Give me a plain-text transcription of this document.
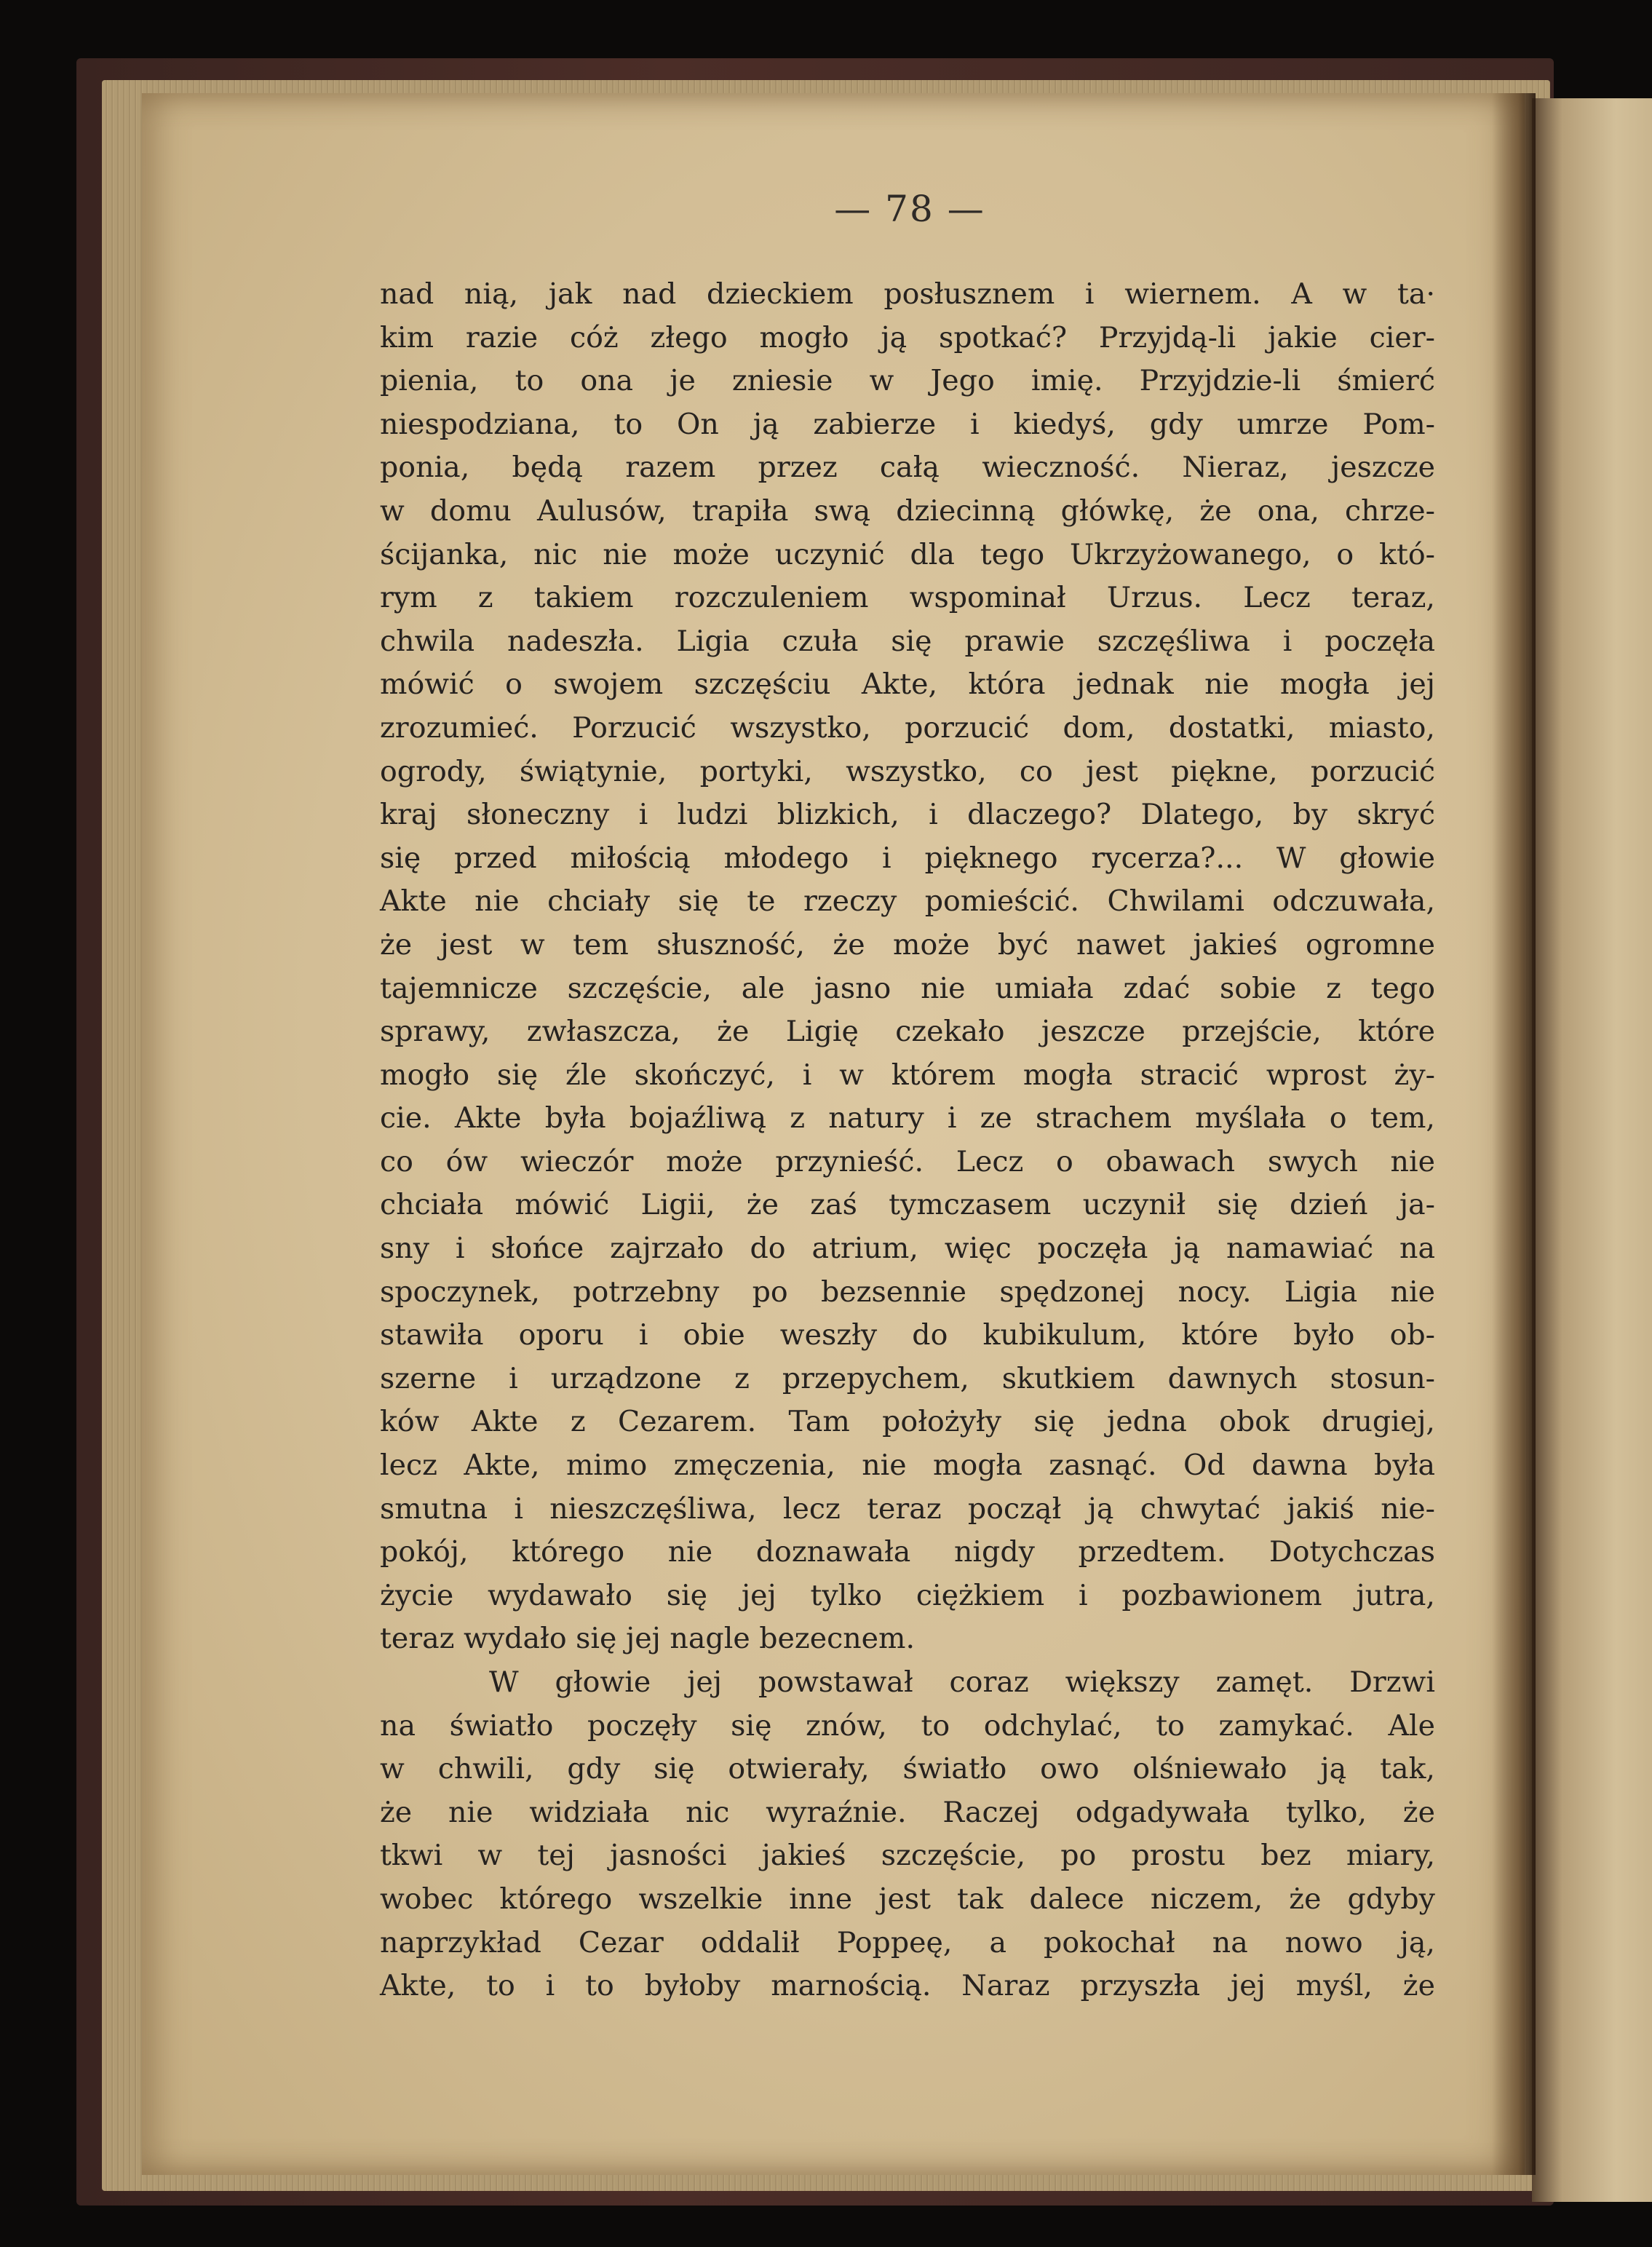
— 78 —

nad nią, jak nad dzieckiem posłusznem i wiernem. A w ta·
kim razie cóż złego mogło ją spotkać? Przyjdą-li jakie cier-
pienia, to ona je zniesie w Jego imię. Przyjdzie-li śmierć
niespodziana, to On ją zabierze i kiedyś, gdy umrze Pom-
ponia, będą razem przez całą wieczność. Nieraz, jeszcze
w domu Aulusów, trapiła swą dziecinną główkę, że ona, chrze-
ścijanka, nic nie może uczynić dla tego Ukrzyżowanego, o któ-
rym z takiem rozczuleniem wspominał Urzus. Lecz teraz,
chwila nadeszła. Ligia czuła się prawie szczęśliwa i poczęła
mówić o swojem szczęściu Akte, która jednak nie mogła jej
zrozumieć. Porzucić wszystko, porzucić dom, dostatki, miasto,
ogrody, świątynie, portyki, wszystko, co jest piękne, porzucić
kraj słoneczny i ludzi blizkich, i dlaczego? Dlatego, by skryć
się przed miłością młodego i pięknego rycerza?... W głowie
Akte nie chciały się te rzeczy pomieścić. Chwilami odczuwała,
że jest w tem słuszność, że może być nawet jakieś ogromne
tajemnicze szczęście, ale jasno nie umiała zdać sobie z tego
sprawy, zwłaszcza, że Ligię czekało jeszcze przejście, które
mogło się źle skończyć, i w którem mogła stracić wprost ży-
cie. Akte była bojaźliwą z natury i ze strachem myślała o tem,
co ów wieczór może przynieść. Lecz o obawach swych nie
chciała mówić Ligii, że zaś tymczasem uczynił się dzień ja-
sny i słońce zajrzało do atrium, więc poczęła ją namawiać na
spoczynek, potrzebny po bezsennie spędzonej nocy. Ligia nie
stawiła oporu i obie weszły do kubikulum, które było ob-
szerne i urządzone z przepychem, skutkiem dawnych stosun-
ków Akte z Cezarem. Tam położyły się jedna obok drugiej,
lecz Akte, mimo zmęczenia, nie mogła zasnąć. Od dawna była
smutna i nieszczęśliwa, lecz teraz począł ją chwytać jakiś nie-
pokój, którego nie doznawała nigdy przedtem. Dotychczas
życie wydawało się jej tylko ciężkiem i pozbawionem jutra,
teraz wydało się jej nagle bezecnem.
W głowie jej powstawał coraz większy zamęt. Drzwi
na światło poczęły się znów, to odchylać, to zamykać. Ale
w chwili, gdy się otwierały, światło owo olśniewało ją tak,
że nie widziała nic wyraźnie. Raczej odgadywała tylko, że
tkwi w tej jasności jakieś szczęście, po prostu bez miary,
wobec którego wszelkie inne jest tak dalece niczem, że gdyby
naprzykład Cezar oddalił Poppeę, a pokochał na nowo ją,
Akte, to i to byłoby marnością. Naraz przyszła jej myśl, że
